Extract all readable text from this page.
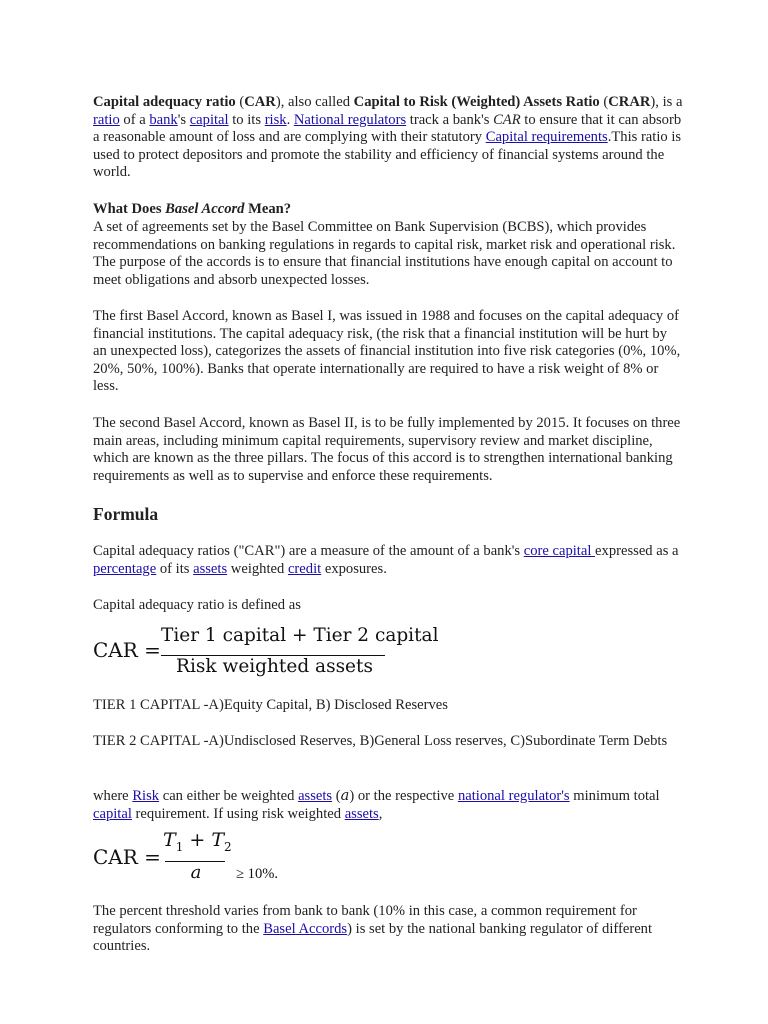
Capital adequacy ratio (CAR), also called Capital to Risk (Weighted) Assets Ratio (CRAR), is a ratio of a bank's capital to its risk. National regulators track a bank's CAR to ensure that it can absorb a reasonable amount of loss and are complying with their statutory Capital requirements.This ratio is used to protect depositors and promote the stability and efficiency of financial systems around the world.

What Does Basel Accord Mean?

A set of agreements set by the Basel Committee on Bank Supervision (BCBS), which provides recommendations on banking regulations in regards to capital risk, market risk and operational risk. The purpose of the accords is to ensure that financial institutions have enough capital on account to meet obligations and absorb unexpected losses.

The first Basel Accord, known as Basel I, was issued in 1988 and focuses on the capital adequacy of financial institutions. The capital adequacy risk, (the risk that a financial institution will be hurt by an unexpected loss), categorizes the assets of financial institution into five risk categories (0%, 10%, 20%, 50%, 100%). Banks that operate internationally are required to have a risk weight of 8% or less.

The second Basel Accord, known as Basel II, is to be fully implemented by 2015. It focuses on three main areas, including minimum capital requirements, supervisory review and market discipline, which are known as the three pillars. The focus of this accord is to strengthen international banking requirements as well as to supervise and enforce these requirements.

Formula

Capital adequacy ratios ("CAR") are a measure of the amount of a bank's core capital expressed as a percentage of its assets weighted credit exposures.

Capital adequacy ratio is defined as

CAR =
Tier 1 capital + Tier 2 capital
Risk weighted assets

TIER 1 CAPITAL -A)Equity Capital, B) Disclosed Reserves

TIER 2 CAPITAL -A)Undisclosed Reserves, B)General Loss reserves, C)Subordinate Term Debts

where Risk can either be weighted assets (a) or the respective national regulator's minimum total capital requirement. If using risk weighted assets,

CAR =
$T_1 + T_2$
a	≥ 10%.

The percent threshold varies from bank to bank (10% in this case, a common requirement for regulators conforming to the Basel Accords) is set by the national banking regulator of different countries.
